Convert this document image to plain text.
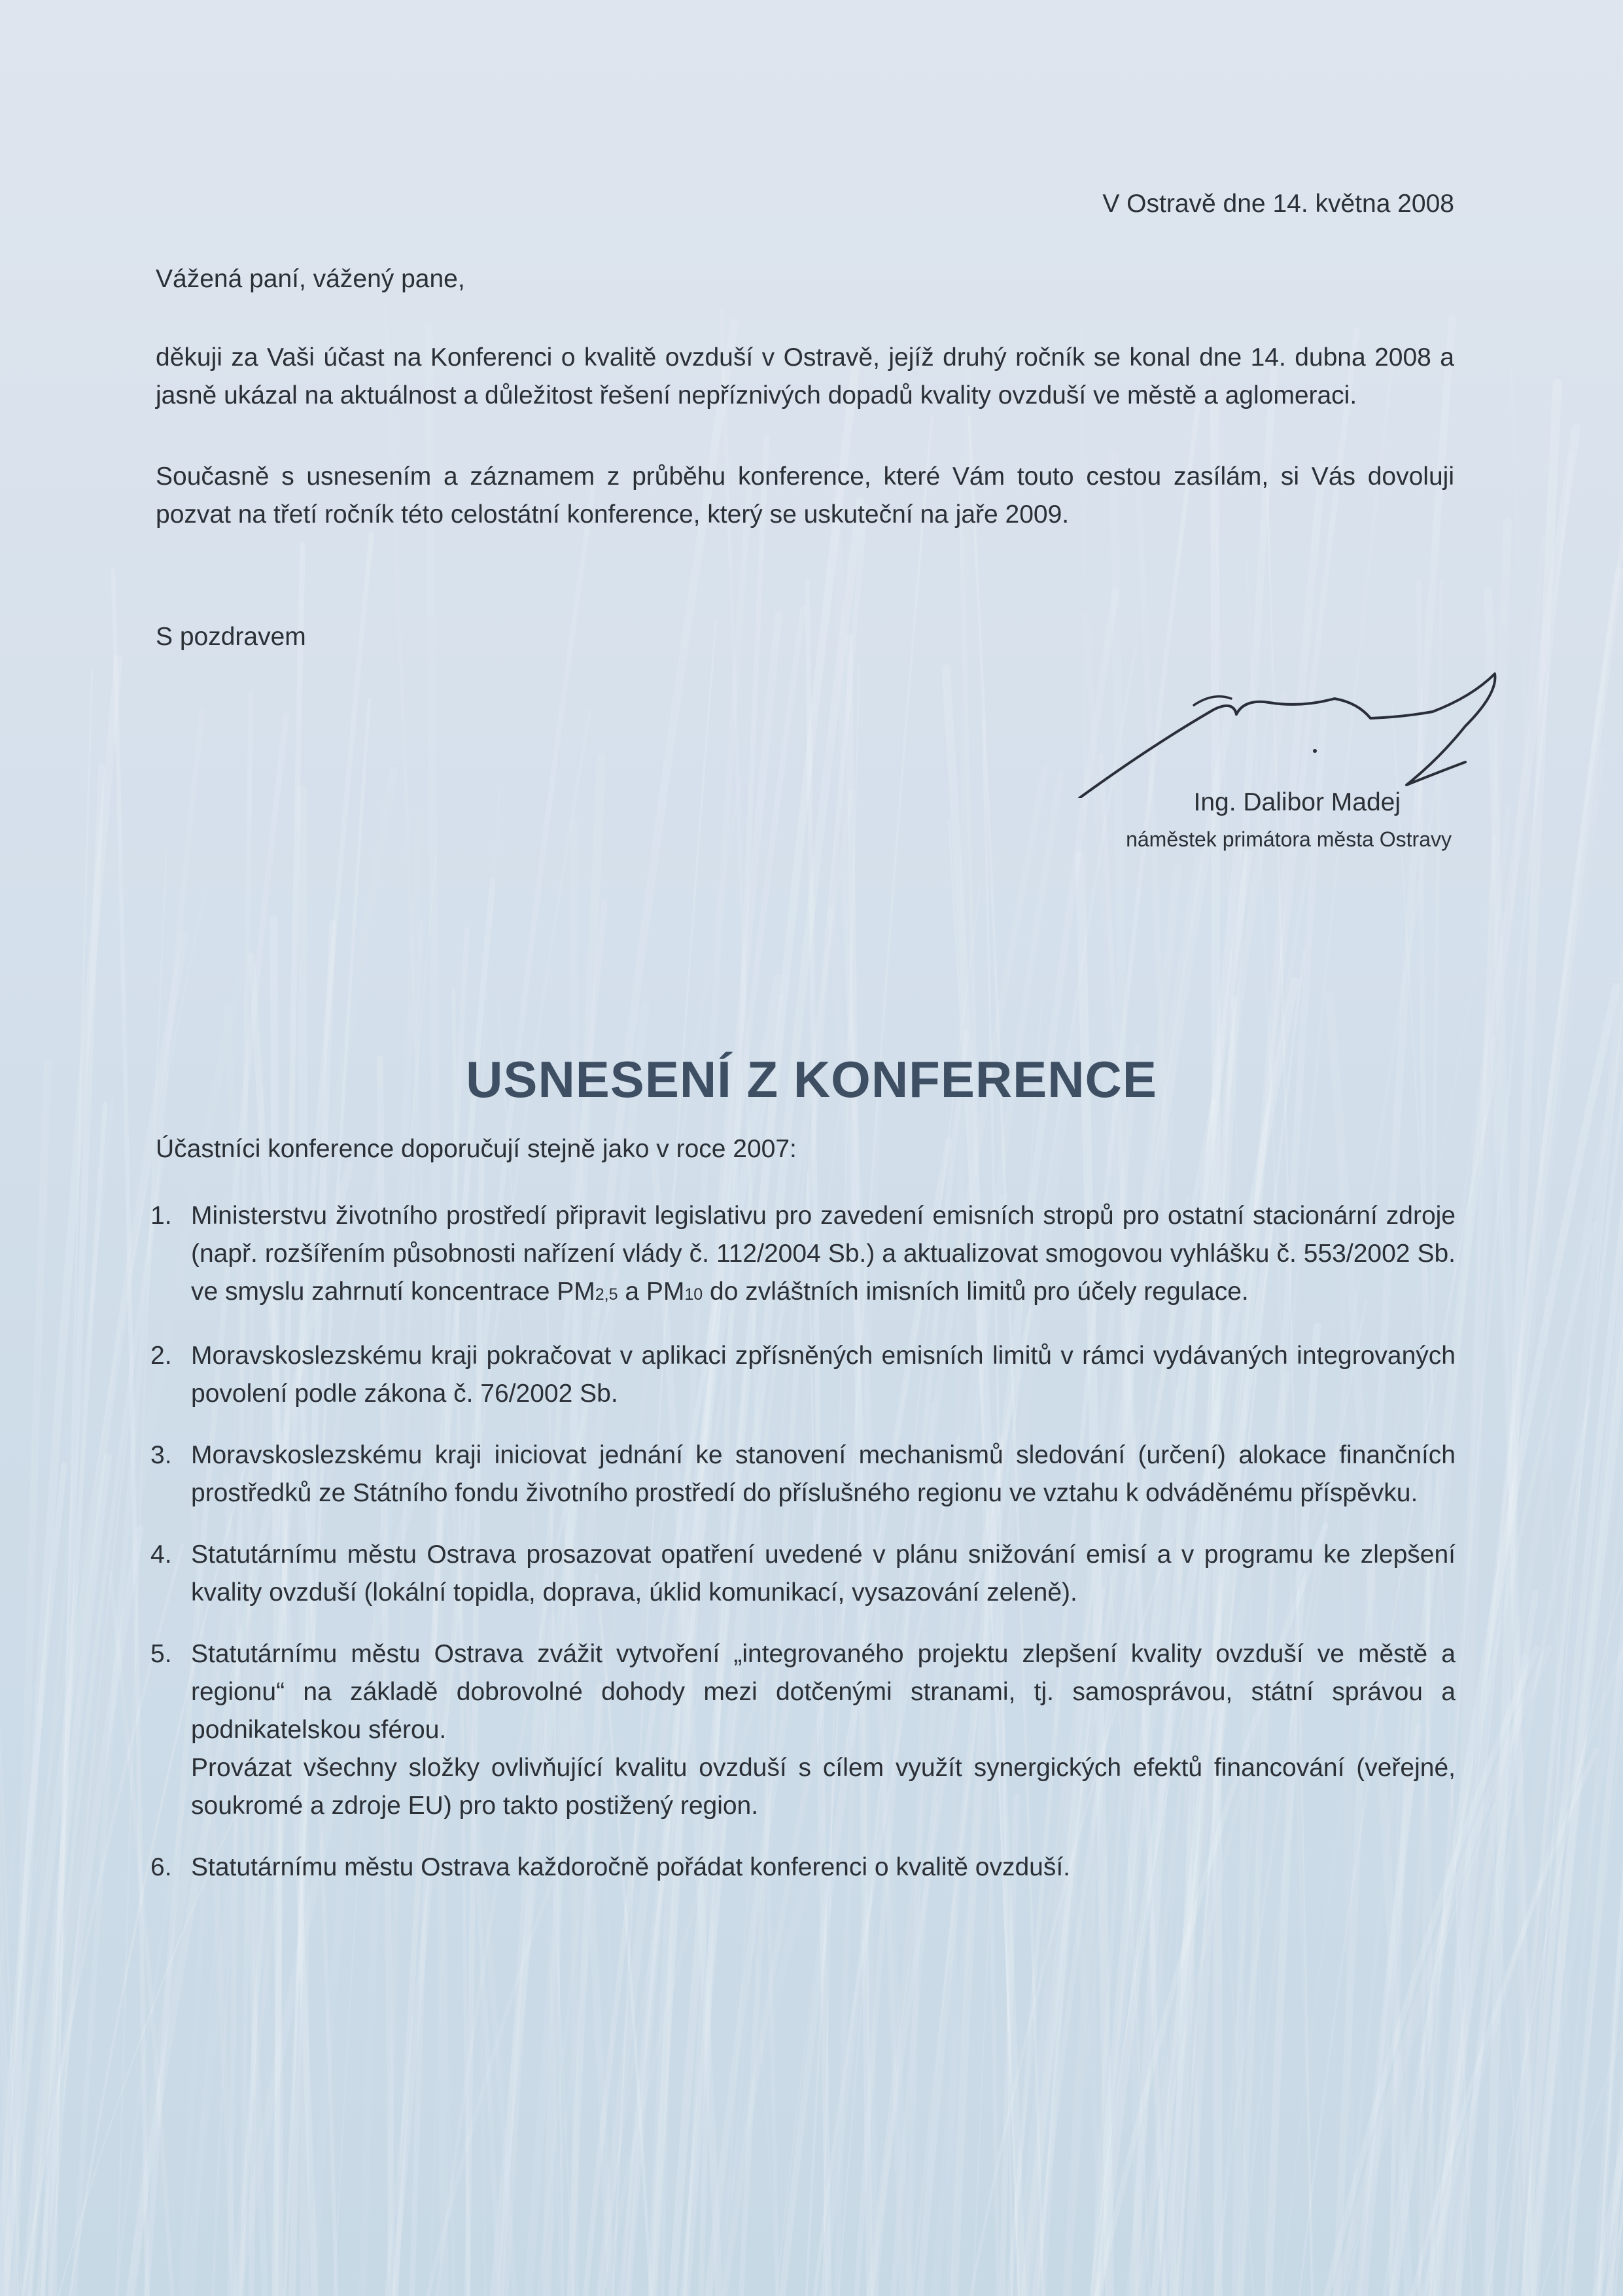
V Ostravě dne 14. května 2008

Vážená paní, vážený pane,

děkuji za Vaši účast na Konferenci o kvalitě ovzduší v Ostravě, jejíž druhý ročník se konal dne 14. dubna 2008 a jasně ukázal na aktuálnost a důležitost řešení nepříznivých dopadů kvality ovzduší ve městě a aglomeraci.

Současně s usnesením a záznamem z průběhu konference, které Vám touto cestou zasílám, si Vás dovoluji pozvat na třetí ročník této celostátní konference, který se uskuteční na jaře 2009.

S pozdravem

Ing. Dalibor Madej

náměstek primátora města Ostravy

USNESENÍ Z KONFERENCE

Účastníci konference doporučují stejně jako v roce 2007:

1. Ministerstvu životního prostředí připravit legislativu pro zavedení emisních stropů pro ostatní stacionární zdroje (např. rozšířením působnosti nařízení vlády č. 112/2004 Sb.) a aktualizovat smogovou vyhlášku č. 553/2002 Sb. ve smyslu zahrnutí koncentrace PM2,5 a PM10 do zvláštních imisních limitů pro účely regulace.
2. Moravskoslezskému kraji pokračovat v aplikaci zpřísněných emisních limitů v rámci vydávaných integrovaných povolení podle zákona č. 76/2002 Sb.
3. Moravskoslezskému kraji iniciovat jednání ke stanovení mechanismů sledování (určení) alokace finančních prostředků ze Státního fondu životního prostředí do příslušného regionu ve vztahu k odváděnému příspěvku.
4. Statutárnímu městu Ostrava prosazovat opatření uvedené v plánu snižování emisí a v programu ke zlepšení kvality ovzduší (lokální topidla, doprava, úklid komunikací, vysazování zeleně).
5. Statutárnímu městu Ostrava zvážit vytvoření „integrovaného projektu zlepšení kvality ovzduší ve městě a regionu“ na základě dobrovolné dohody mezi dotčenými stranami, tj. samosprávou, státní správou a podnikatelskou sférou.

Provázat všechny složky ovlivňující kvalitu ovzduší s cílem využít synergických efektů financování (veřejné, soukromé a zdroje EU) pro takto postižený region.

6. Statutárnímu městu Ostrava každoročně pořádat konferenci o kvalitě ovzduší.
